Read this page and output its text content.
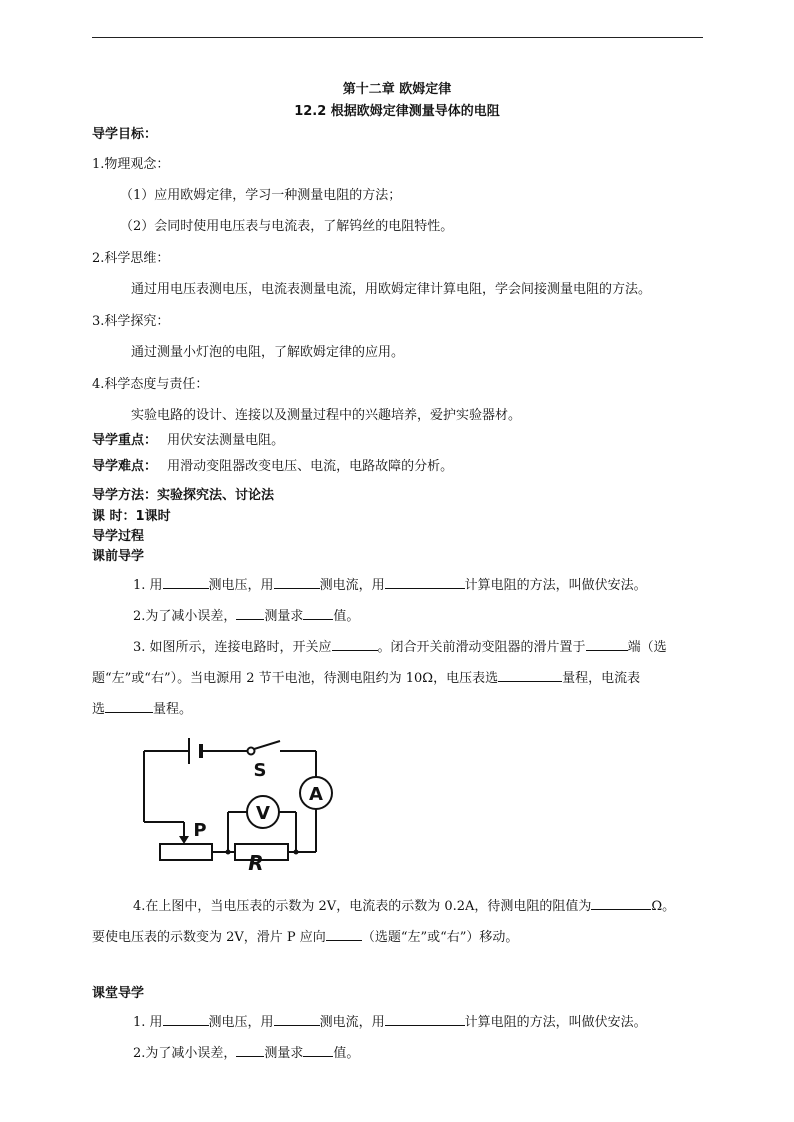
第十二章 欧姆定律
12.2 根据欧姆定律测量导体的电阻
导学目标：
1.物理观念：
（1）应用欧姆定律，学习一种测量电阻的方法；
（2）会同时使用电压表与电流表，了解钨丝的电阻特性。
2.科学思维：
通过用电压表测电压，电流表测量电流，用欧姆定律计算电阻，学会间接测量电阻的方法。
3.科学探究：
通过测量小灯泡的电阻，了解欧姆定律的应用。
4.科学态度与责任：
实验电路的设计、连接以及测量过程中的兴趣培养，爱护实验器材。
导学重点： 用伏安法测量电阻。
导学难点： 用滑动变阻器改变电压、电流，电路故障的分析。
导学方法：实验探究法、讨论法
课 时：1课时
导学过程
课前导学
1. 用	测电压，用	测电流，用	计算电阻的方法，叫做伏安法。
2.为了减小误差， 测量求 值。
3. 如图所示，连接电路时，开关应	。闭合开关前滑动变阻器的滑片置于	端（选
题“左”或“右”）。当电源用 2 节干电池，待测电阻约为 10Ω，电压表选	量程，电流表
选	量程。
S
A
V
P
R
4.在上图中，当电压表的示数为 2V，电流表的示数为 0.2A，待测电阻的阻值为	Ω。
要使电压表的示数变为 2V，滑片 P 应向	（选题“左”或“右”）移动。
课堂导学
1. 用	测电压，用	测电流，用	计算电阻的方法，叫做伏安法。
2.为了减小误差， 测量求 值。
